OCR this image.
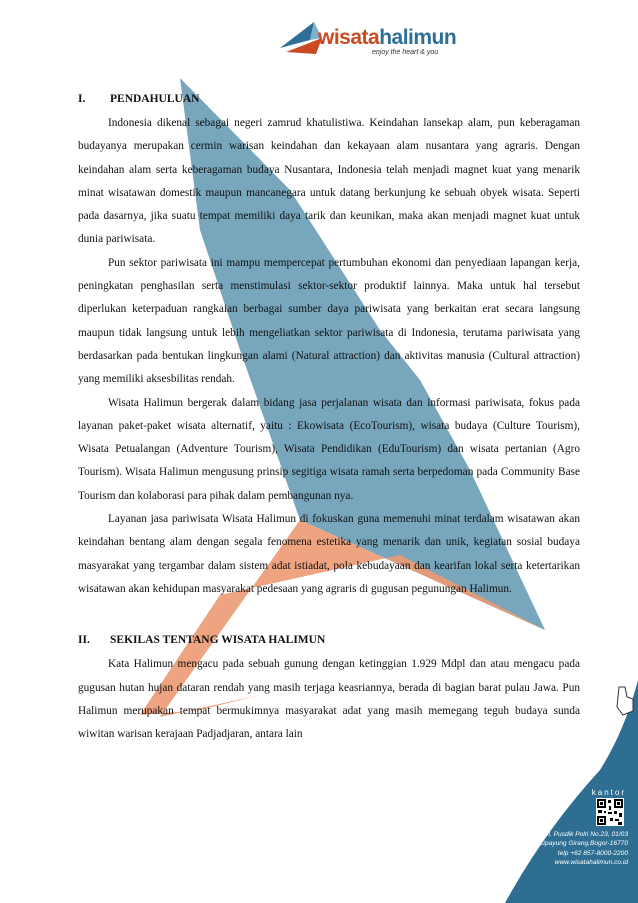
wisatahalimun
enjoy the heart & you
I. PENDAHULUAN

Indonesia dikenal sebagai negeri zamrud khatulistiwa. Keindahan lansekap alam, pun keberagaman budayanya merupakan cermin warisan keindahan dan kekayaan alam nusantara yang agraris. Dengan keindahan alam serta keberagaman budaya Nusantara, Indonesia telah menjadi magnet kuat yang menarik minat wisatawan domestik maupun mancanegara untuk datang berkunjung ke sebuah obyek wisata. Seperti pada dasarnya, jika suatu tempat memiliki daya tarik dan keunikan, maka akan menjadi magnet kuat untuk dunia pariwisata.

Pun sektor pariwisata ini mampu mempercepat pertumbuhan ekonomi dan penyediaan lapangan kerja, peningkatan penghasilan serta menstimulasi sektor-sektor produktif lainnya. Maka untuk hal tersebut diperlukan keterpaduan rangkaian berbagai sumber daya pariwisata yang berkaitan erat secara langsung maupun tidak langsung untuk lebih mengeliatkan sektor pariwisata di Indonesia, terutama pariwisata yang berdasarkan pada bentukan lingkungan alami (Natural attraction) dan aktivitas manusia (Cultural attraction) yang memiliki aksesbilitas rendah.

Wisata Halimun bergerak dalam bidang jasa perjalanan wisata dan informasi pariwisata, fokus pada layanan paket-paket wisata alternatif, yaitu : Ekowisata (EcoTourism), wisata budaya (Culture Tourism), Wisata Petualangan (Adventure Tourism), Wisata Pendidikan (EduTourism) dan wisata pertanian (Agro Tourism). Wisata Halimun mengusung prinsip segitiga wisata ramah serta berpedoman pada Community Base Tourism dan kolaborasi para pihak dalam pembangunan nya.

Layanan jasa pariwisata Wisata Halimun di fokuskan guna memenuhi minat terdalam wisatawan akan keindahan bentang alam dengan segala fenomena estetika yang menarik dan unik, kegiatan sosial budaya masyarakat yang tergambar dalam sistem adat istiadat, pola kebudayaan dan kearifan lokal serta ketertarikan wisatawan akan kehidupan masyarakat pedesaan yang agraris di gugusan pegunungan Halimun.

II. SEKILAS TENTANG WISATA HALIMUN

Kata Halimun mengacu pada sebuah gunung dengan ketinggian 1.929 Mdpl dan atau mengacu pada gugusan hutan hujan dataran rendah yang masih terjaga keasriannya, berada di bagian barat pulau Jawa. Pun Halimun merupakan tempat bermukimnya masyarakat adat yang masih memegang teguh budaya sunda wiwitan warisan kerajaan Padjadjaran, antara lain

kantor
Jl. Pusdik Polri No.23, 01/03
Cipayung Girang,Bogor-16770
telp +62 857-8000-2200
www.wisatahalimun.co.id
